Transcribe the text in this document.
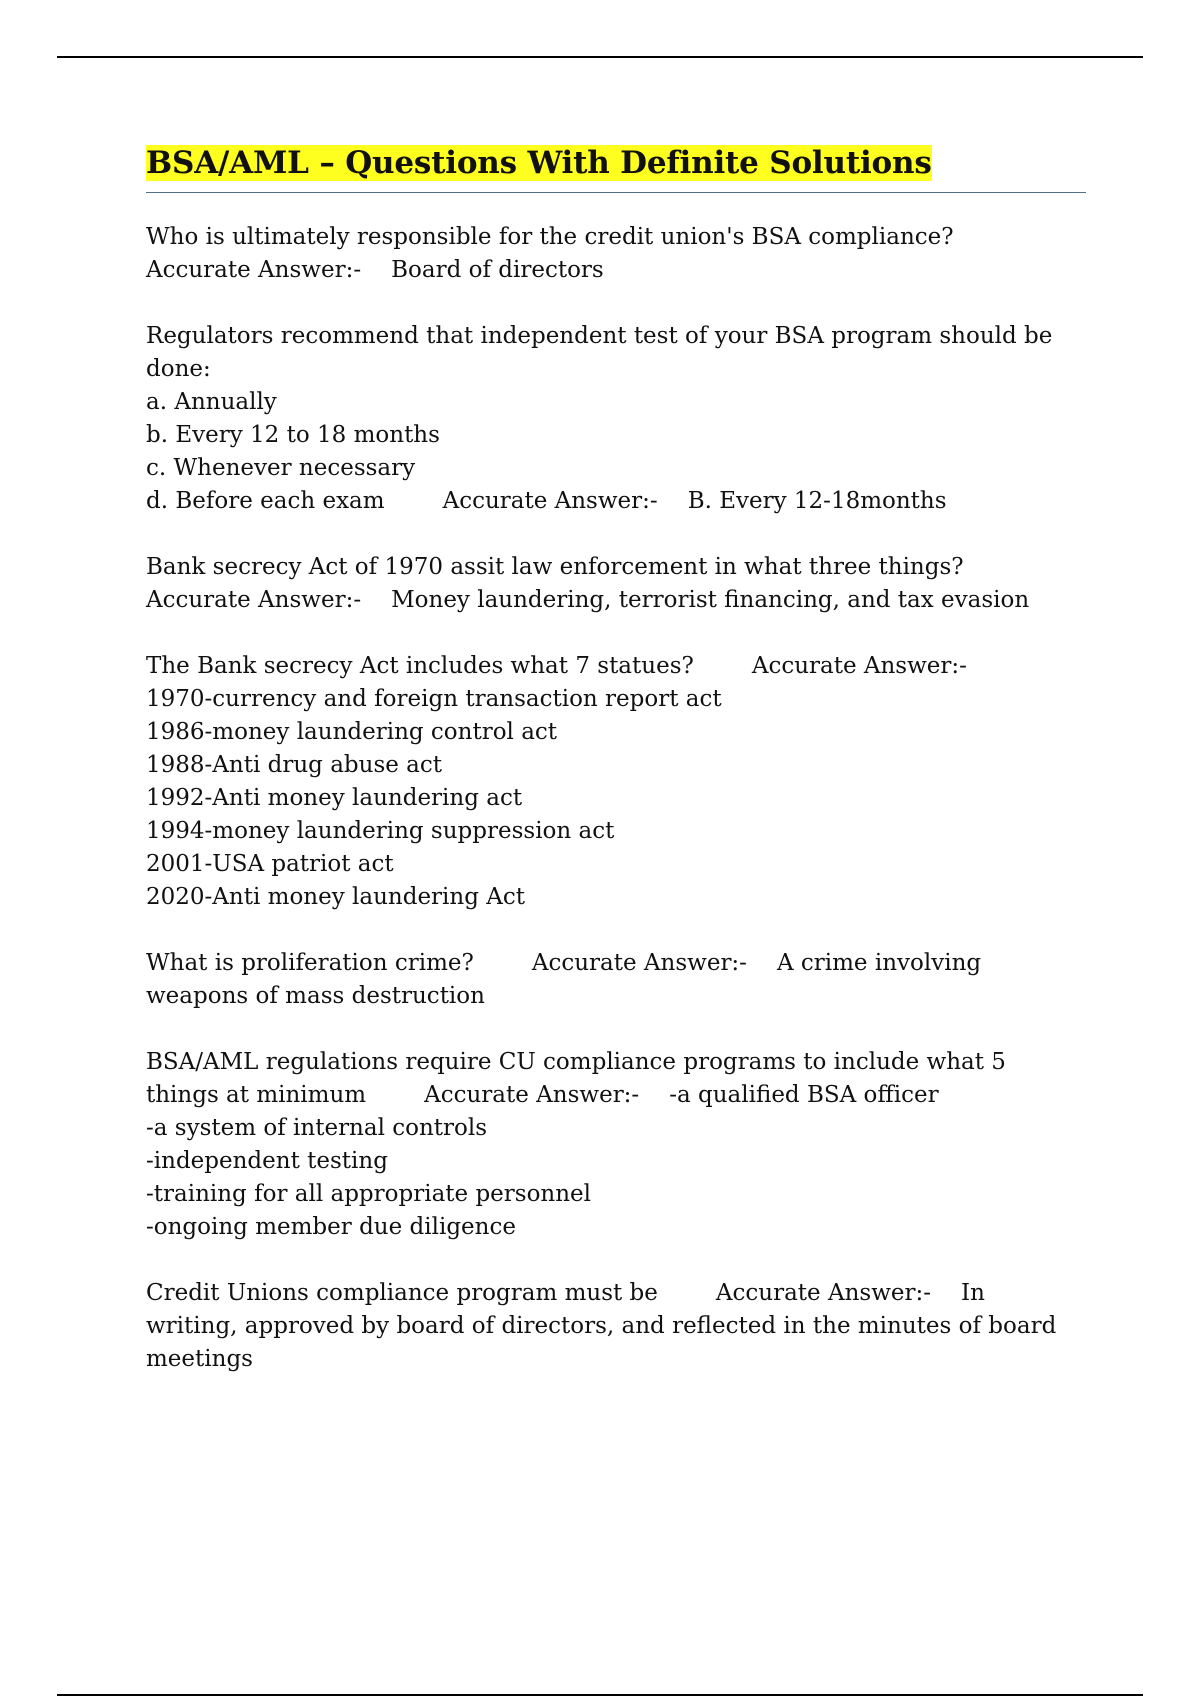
BSA/AML – Questions With Definite Solutions
Who is ultimately responsible for the credit union's BSA compliance?
Accurate Answer:- Board of directors
Regulators recommend that independent test of your BSA program should be
done:
a. Annually
b. Every 12 to 18 months
c. Whenever necessary
d. Before each exam	Accurate Answer:- B. Every 12-18months
Bank secrecy Act of 1970 assit law enforcement in what three things?
Accurate Answer:- Money laundering, terrorist financing, and tax evasion
The Bank secrecy Act includes what 7 statues?	Accurate Answer:-
1970-currency and foreign transaction report act
1986-money laundering control act
1988-Anti drug abuse act
1992-Anti money laundering act
1994-money laundering suppression act
2001-USA patriot act
2020-Anti money laundering Act
What is proliferation crime?	Accurate Answer:- A crime involving
weapons of mass destruction
BSA/AML regulations require CU compliance programs to include what 5
things at minimum	Accurate Answer:- -a qualified BSA officer
-a system of internal controls
-independent testing
-training for all appropriate personnel
-ongoing member due diligence
Credit Unions compliance program must be	Accurate Answer:- In
writing, approved by board of directors, and reflected in the minutes of board
meetings
